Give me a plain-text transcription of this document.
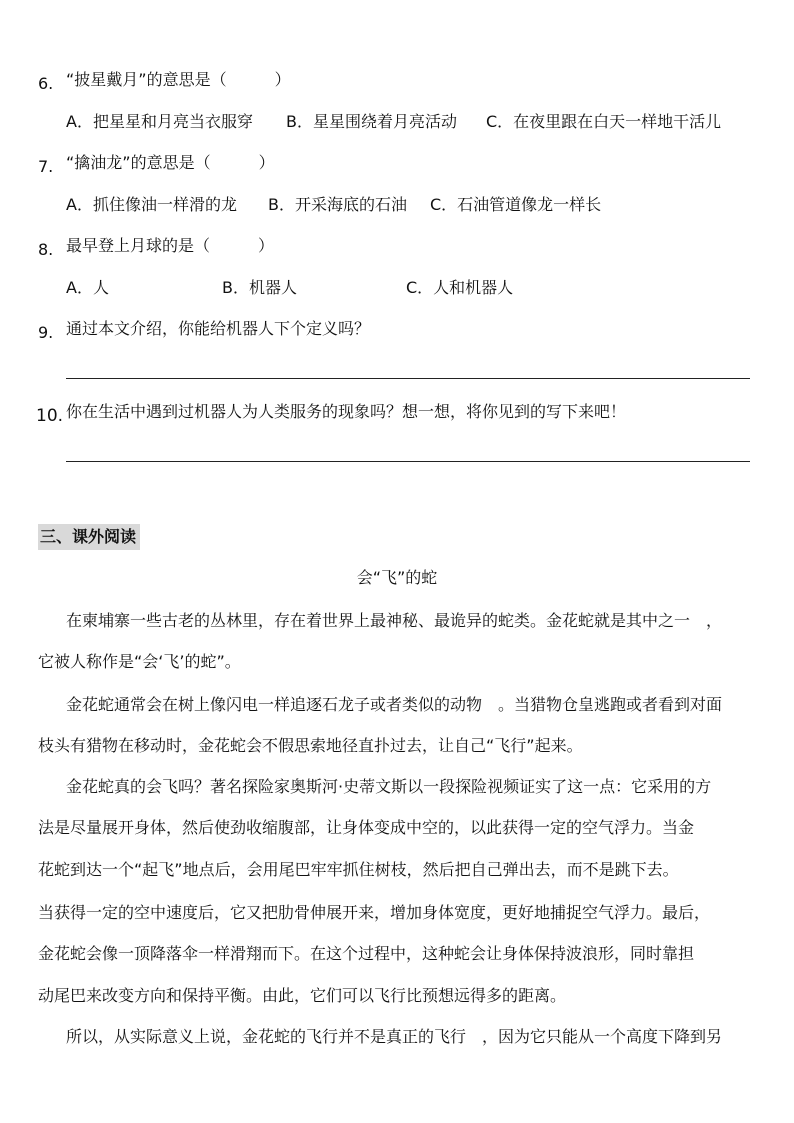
6. “披星戴月”的意思是（　　　）
A．把星星和月亮当衣服穿 B．星星围绕着月亮活动 C．在夜里跟在白天一样地干活儿
7. “擒油龙”的意思是（　　　）
A．抓住像油一样滑的龙 B．开采海底的石油 C．石油管道像龙一样长
8. 最早登上月球的是（　　　）
A．人	B．机器人	C．人和机器人
9. 通过本文介绍，你能给机器人下个定义吗？
10. 你在生活中遇到过机器人为人类服务的现象吗？想一想，将你见到的写下来吧！
三、课外阅读
会“飞”的蛇
在柬埔寨一些古老的丛林里，存在着世界上最神秘、最诡异的蛇类。金花蛇就是其中之一　，
它被人称作是“会‘飞’的蛇”。
金花蛇通常会在树上像闪电一样追逐石龙子或者类似的动物　。当猎物仓皇逃跑或者看到对面
枝头有猎物在移动时，金花蛇会不假思索地径直扑过去，让自己“飞行”起来。
金花蛇真的会飞吗？著名探险家奥斯河·史蒂文斯以一段探险视频证实了这一点：它采用的方
法是尽量展开身体，然后使劲收缩腹部，让身体变成中空的，以此获得一定的空气浮力。当金
花蛇到达一个“起飞”地点后，会用尾巴牢牢抓住树枝，然后把自己弹出去，而不是跳下去。
当获得一定的空中速度后，它又把肋骨伸展开来，增加身体宽度，更好地捕捉空气浮力。最后，
金花蛇会像一顶降落伞一样滑翔而下。在这个过程中，这种蛇会让身体保持波浪形，同时靠担
动尾巴来改变方向和保持平衡。由此，它们可以飞行比预想远得多的距离。
所以，从实际意义上说，金花蛇的飞行并不是真正的飞行　，因为它只能从一个高度下降到另
